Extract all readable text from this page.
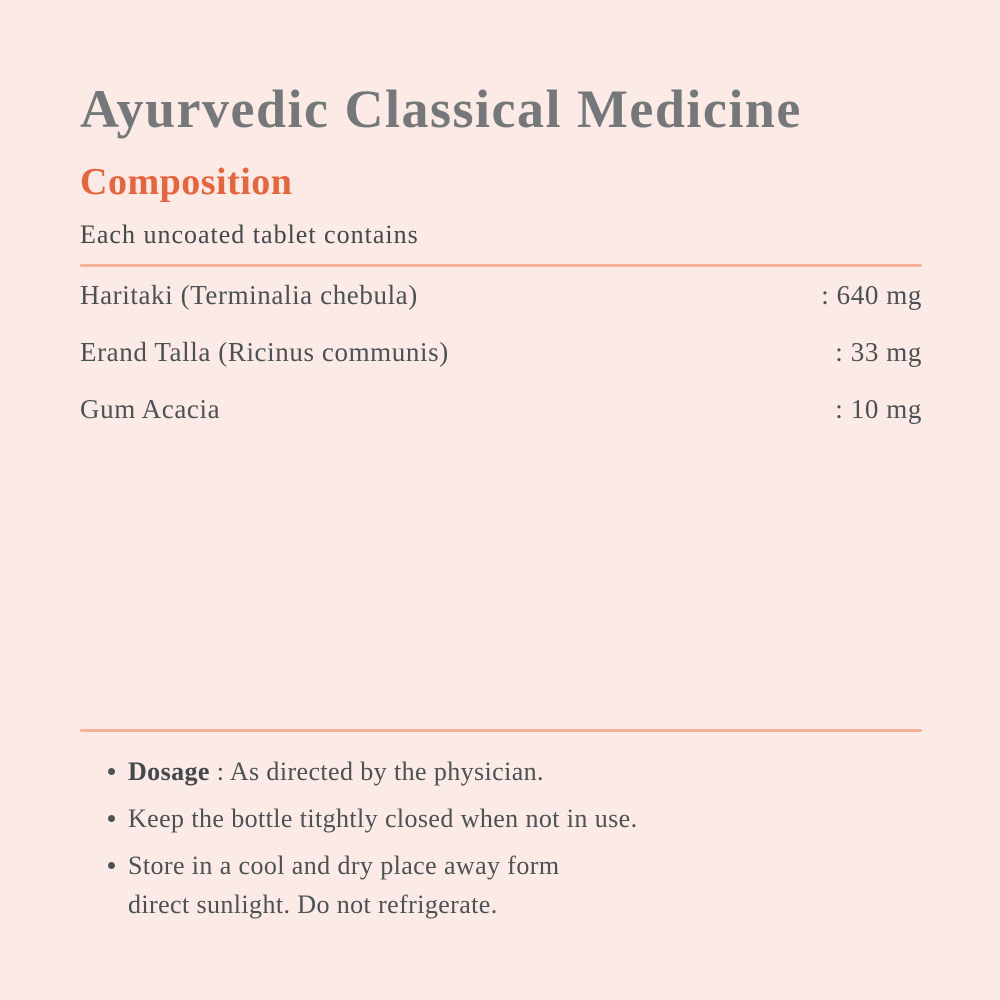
Ayurvedic Classical Medicine
Composition

Each uncoated tablet contains

Haritaki (Terminalia chebula)	: 640 mg
Erand Talla (Ricinus communis)	: 33 mg
Gum Acacia	: 10 mg

Dosage : As directed by the physician.

Keep the bottle titghtly closed when not in use.

Store in a cool and dry place away form

direct sunlight. Do not refrigerate.
